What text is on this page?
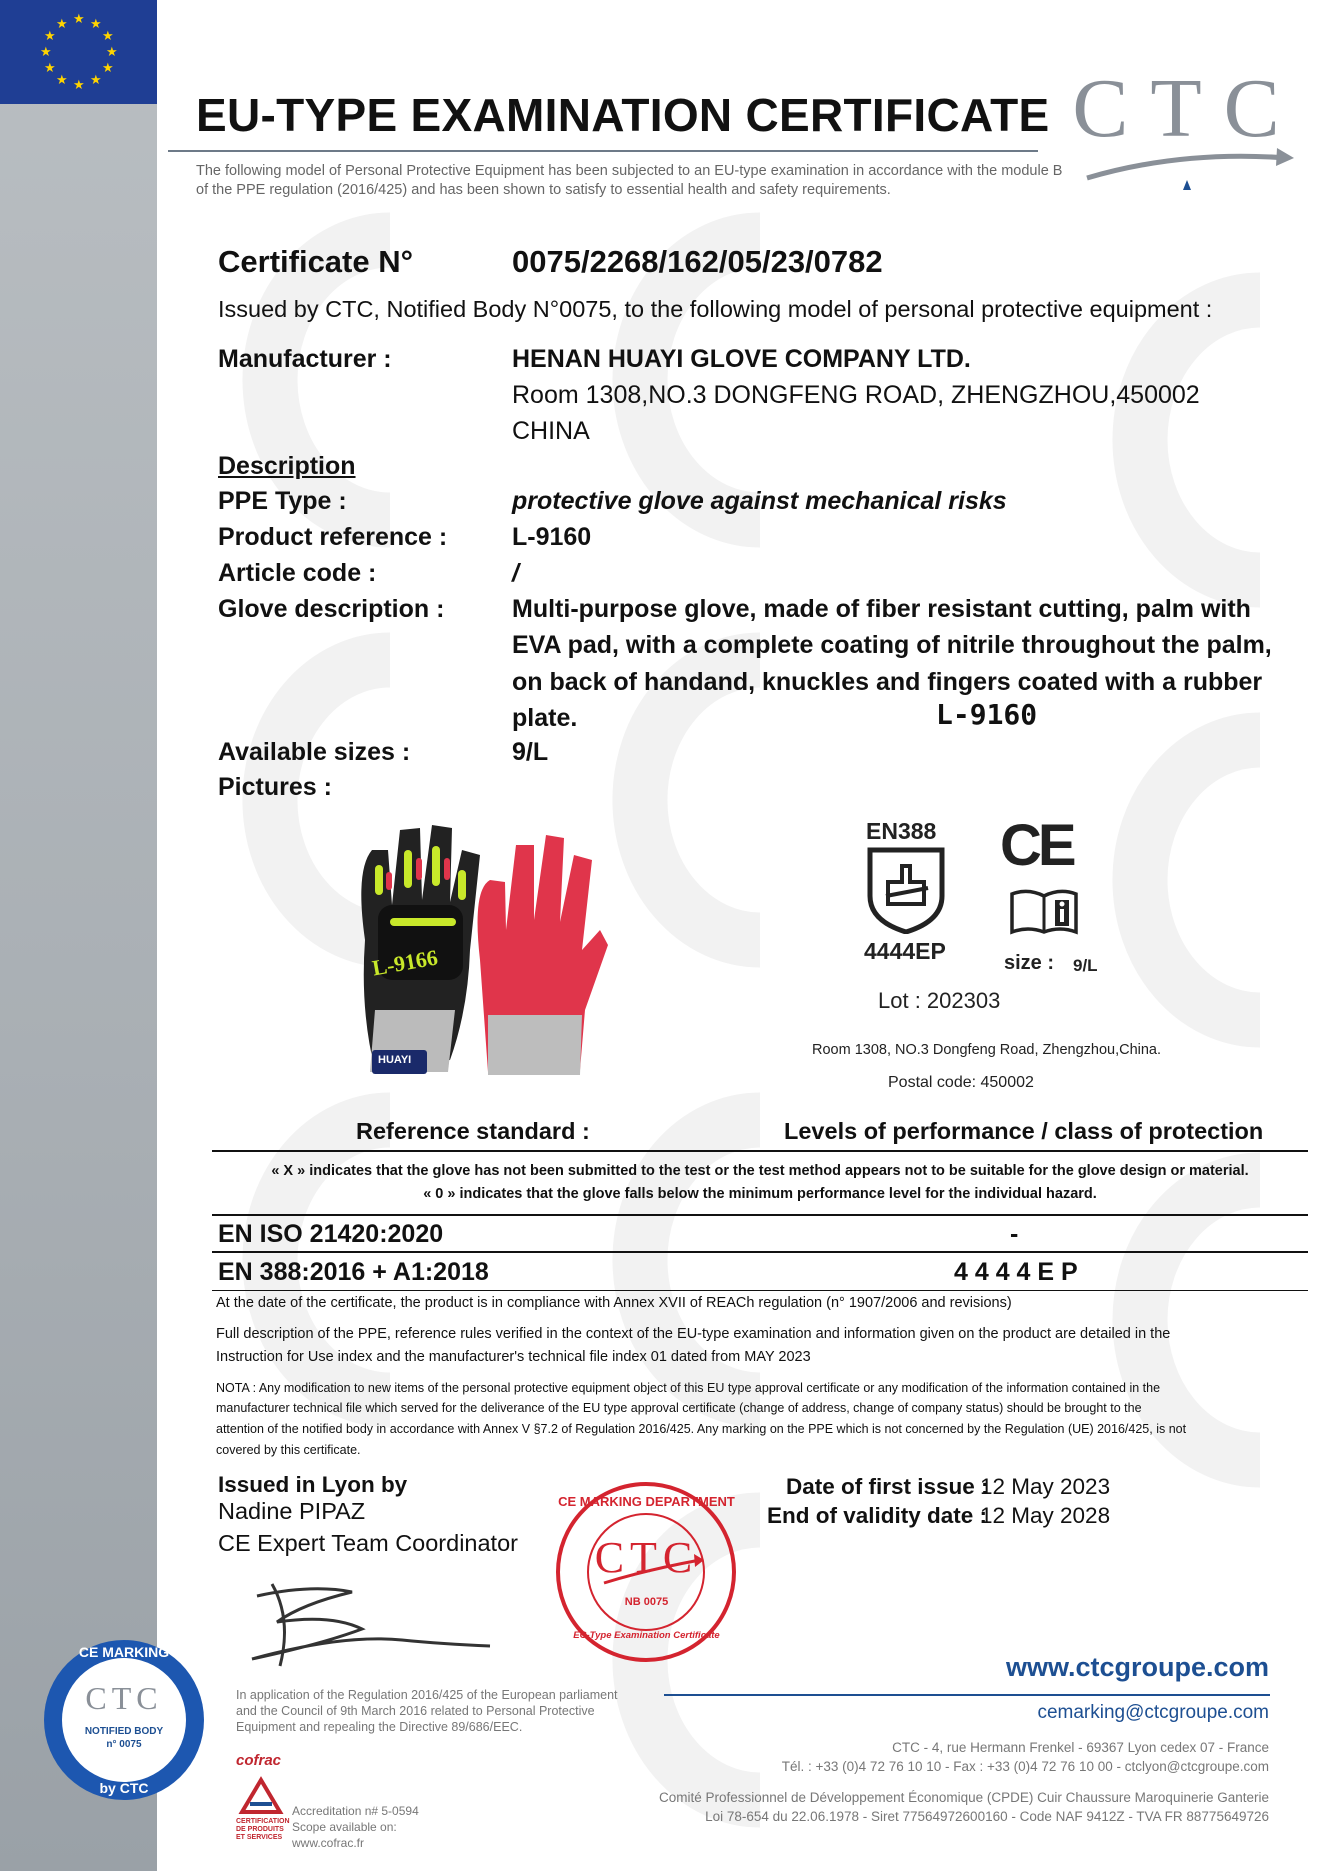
★ ★
★
★
★
★
★
★
★
★
★
★
EU-TYPE EXAMINATION CERTIFICATE
The following model of Personal Protective Equipment has been subjected to an EU-type examination in accordance with the module B of the PPE regulation (2016/425) and has been shown to satisfy to essential health and safety requirements.
CTC
Certificate N°	0075/2268/162/05/23/0782
Issued by CTC, Notified Body N°0075, to the following model of personal protective equipment :
Manufacturer :	HENAN HUAYI GLOVE COMPANY LTD.
Room 1308,NO.3 DONGFENG ROAD, ZHENGZHOU,450002
CHINA
Description
PPE Type :	protective glove against mechanical risks
Product reference :	L-9160
Article code :	/
Glove description :	Multi-purpose glove, made of fiber resistant cutting, palm with
EVA pad, with a complete coating of nitrile throughout the palm,
on back of handand, knuckles and fingers coated with a rubber
plate.	L-9160
Available sizes :	9/L
Pictures :
L-9166
HUAYI
EN388
4444EP
CE
size : 9/L
Lot : 202303
Room 1308, NO.3 Dongfeng Road, Zhengzhou,China.
Postal code: 450002
Reference standard :	Levels of performance / class of protection
« X » indicates that the glove has not been submitted to the test or the test method appears not to be suitable for the glove design or material.
« 0 » indicates that the glove falls below the minimum performance level for the individual hazard.
EN ISO 21420:2020	-
EN 388:2016 + A1:2018	4 4 4 4 E P
At the date of the certificate, the product is in compliance with Annex XVII of REACh regulation (n° 1907/2006 and revisions)
Full description of the PPE, reference rules verified in the context of the EU-type examination and information given on the product are detailed in the
Instruction for Use index and the manufacturer's technical file index 01 dated from MAY 2023
NOTA : Any modification to new items of the personal protective equipment object of this EU type approval certificate or any modification of the information contained in the
manufacturer technical file which served for the deliverance of the EU type approval certificate (change of address, change of company status) should be brought to the
attention of the notified body in accordance with Annex V §7.2 of Regulation 2016/425. Any marking on the PPE which is not concerned by the Regulation (UE) 2016/425, is not
covered by this certificate.
Issued in Lyon by
Nadine PIPAZ
CE Expert Team Coordinator
Date of first issue :
12 May 2023
End of validity date :
12 May 2028
CE MARKING DEPARTMENT
CTC
NB 0075
EC-Type Examination Certificate
CE MARKING
CTC
NOTIFIED BODY
n° 0075
by CTC
In application of the Regulation 2016/425 of the European parliament
and the Council of 9th March 2016 related to Personal Protective
Equipment and repealing the Directive 89/686/EEC.
cofrac
CERTIFICATION DE PRODUITS ET SERVICES
Accreditation n# 5-0594
Scope available on:
www.cofrac.fr
www.ctcgroupe.com
cemarking@ctcgroupe.com
CTC - 4, rue Hermann Frenkel - 69367 Lyon cedex 07 - France
Tél. : +33 (0)4 72 76 10 10 - Fax : +33 (0)4 72 76 10 00 - ctclyon@ctcgroupe.com
Comité Professionnel de Développement Économique (CPDE) Cuir Chaussure Maroquinerie Ganterie
Loi 78-654 du 22.06.1978 - Siret 77564972600160 - Code NAF 9412Z - TVA FR 88775649726
